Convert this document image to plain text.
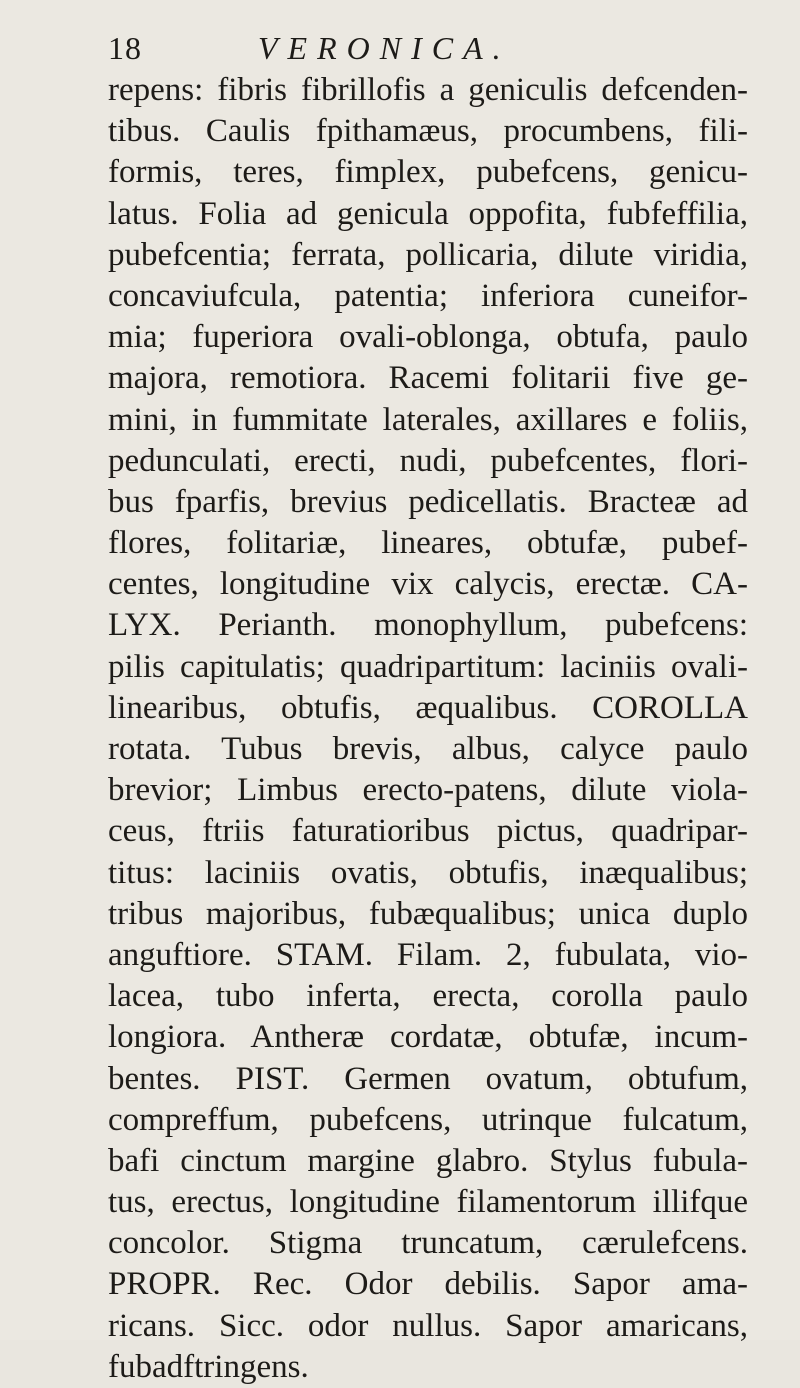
18	VERONICA.
repens: fibris fibrillofis a geniculis defcenden-
tibus. Caulis fpithamæus, procumbens, fili-
formis, teres, fimplex, pubefcens, genicu-
latus. Folia ad genicula oppofita, fubfeffilia,
pubefcentia; ferrata, pollicaria, dilute viridia,
concaviufcula, patentia; inferiora cuneifor-
mia; fuperiora ovali-oblonga, obtufa, paulo
majora, remotiora. Racemi folitarii five ge-
mini, in fummitate laterales, axillares e foliis,
pedunculati, erecti, nudi, pubefcentes, flori-
bus fparfis, brevius pedicellatis. Bracteæ ad
flores, folitariæ, lineares, obtufæ, pubef-
centes, longitudine vix calycis, erectæ. CA-
LYX. Perianth. monophyllum, pubefcens:
pilis capitulatis; quadripartitum: laciniis ovali-
linearibus, obtufis, æqualibus. COROLLA
rotata. Tubus brevis, albus, calyce paulo
brevior; Limbus erecto-patens, dilute viola-
ceus, ftriis faturatioribus pictus, quadripar-
titus: laciniis ovatis, obtufis, inæqualibus;
tribus majoribus, fubæqualibus; unica duplo
anguftiore. STAM. Filam. 2, fubulata, vio-
lacea, tubo inferta, erecta, corolla paulo
longiora. Antheræ cordatæ, obtufæ, incum-
bentes. PIST. Germen ovatum, obtufum,
compreffum, pubefcens, utrinque fulcatum,
bafi cinctum margine glabro. Stylus fubula-
tus, erectus, longitudine filamentorum illifque
concolor. Stigma truncatum, cærulefcens.
PROPR. Rec. Odor debilis. Sapor ama-
ricans. Sicc. odor nullus. Sapor amaricans,
fubadftringens.
